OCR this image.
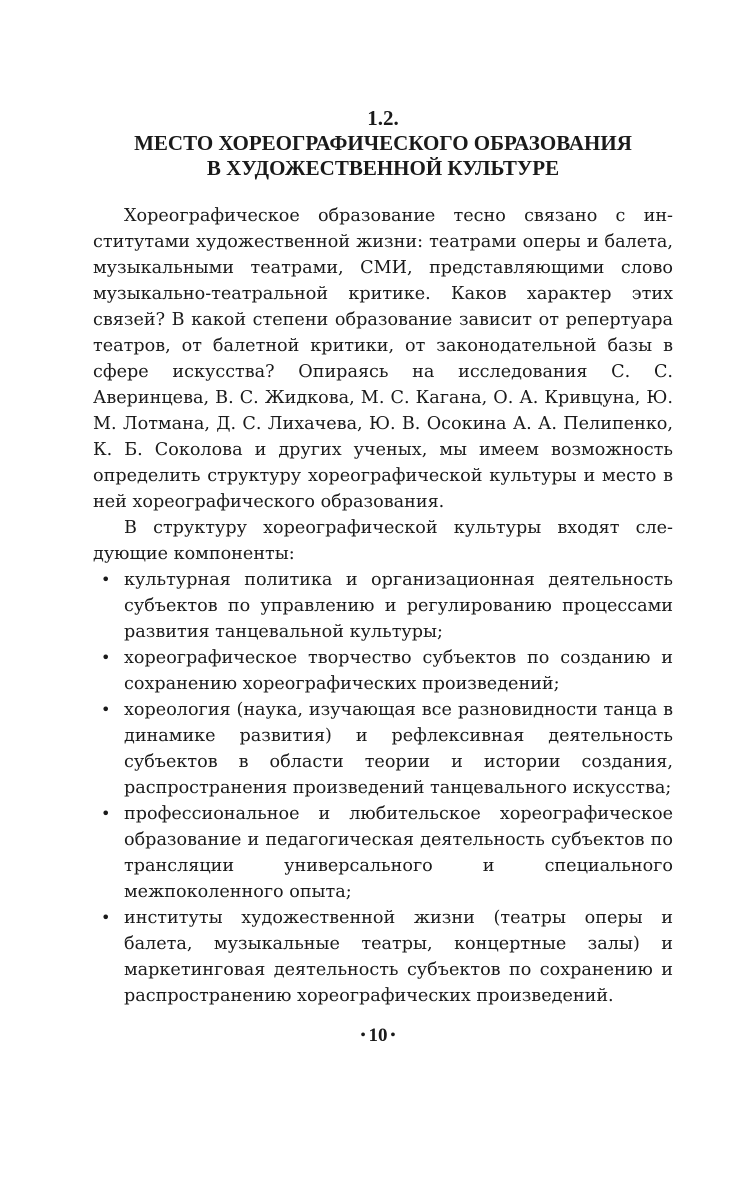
1.2.
МЕСТО ХОРЕОГРАФИЧЕСКОГО ОБРАЗОВАНИЯ
В ХУДОЖЕСТВЕННОЙ КУЛЬТУРЕ

Хореографическое образование тесно связано с институтами художественной жизни: театрами оперы и балета, музыкальными театрами, СМИ, представляющими слово музыкально-театральной критике. Каков характер этих связей? В какой степени образование зависит от репертуара театров, от балетной критики, от законодательной базы в сфере искусства? Опираясь на исследования С. С. Аверинцева, В. С. Жидкова, М. С. Кагана, О. А. Кривцуна, Ю. М. Лотмана, Д. С. Лихачева, Ю. В. Осокина А. А. Пелипенко, К. Б. Соколова и других ученых, мы имеем возможность определить структуру хореографической культуры и место в ней хореографического образования.

В структуру хореографической культуры входят следующие компоненты:

• культурная политика и организационная деятельность субъектов по управлению и регулированию процессами развития танцевальной культуры;
• хореографическое творчество субъектов по созданию и сохранению хореографических произведений;
• хореология (наука, изучающая все разновидности танца в динамике развития) и рефлексивная деятельность субъектов в области теории и истории создания, распространения произведений танцевального искусства;
• профессиональное и любительское хореографическое образование и педагогическая деятельность субъектов по трансляции универсального и специального межпоколенного опыта;
• институты художественной жизни (театры оперы и балета, музыкальные театры, концертные залы) и маркетинговая деятельность субъектов по сохранению и распространению хореографических произведений.
• 10 •
